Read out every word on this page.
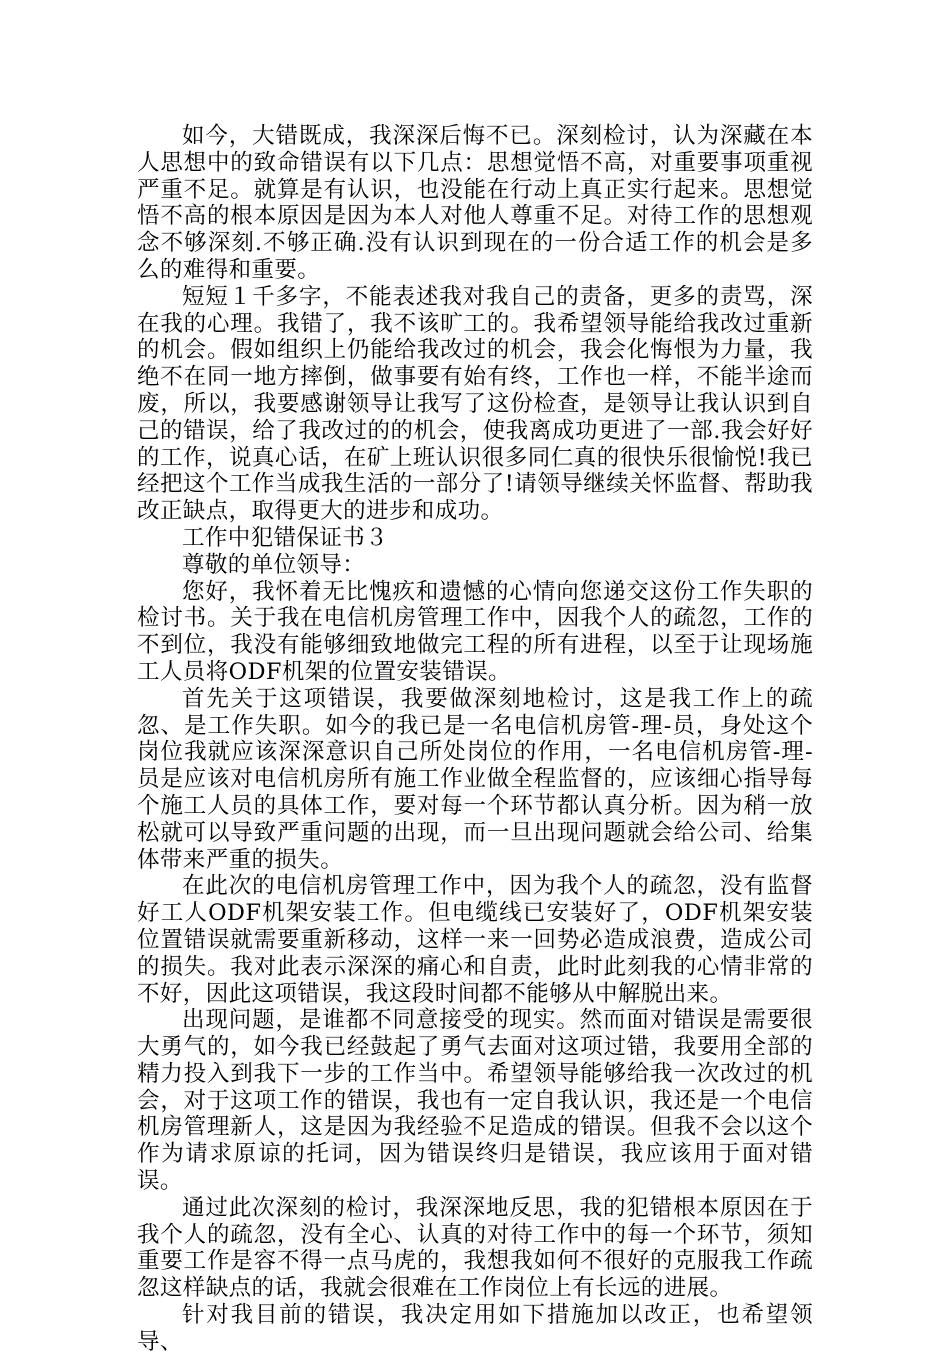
如今，大错既成，我深深后悔不已。深刻检讨，认为深藏在本人思想中的致命错误有以下几点：思想觉悟不高，对重要事项重视严重不足。就算是有认识，也没能在行动上真正实行起来。思想觉悟不高的根本原因是因为本人对他人尊重不足。对待工作的思想观念不够深刻.不够正确.没有认识到现在的一份合适工作的机会是多么的难得和重要。

短短１千多字，不能表述我对我自己的责备，更多的责骂，深在我的心理。我错了，我不该旷工的。我希望领导能给我改过重新的机会。假如组织上仍能给我改过的机会，我会化悔恨为力量，我绝不在同一地方摔倒，做事要有始有终，工作也一样，不能半途而废，所以，我要感谢领导让我写了这份检查，是领导让我认识到自己的错误，给了我改过的的机会，使我离成功更进了一部.我会好好的工作，说真心话，在矿上班认识很多同仁真的很快乐很愉悦!我已经把这个工作当成我生活的一部分了!请领导继续关怀监督、帮助我改正缺点，取得更大的进步和成功。

工作中犯错保证书３

尊敬的单位领导：

您好，我怀着无比愧疚和遗憾的心情向您递交这份工作失职的检讨书。关于我在电信机房管理工作中，因我个人的疏忽，工作的不到位，我没有能够细致地做完工程的所有进程，以至于让现场施工人员将ODF机架的位置安装错误。

首先关于这项错误，我要做深刻地检讨，这是我工作上的疏忽、是工作失职。如今的我已是一名电信机房管-理-员，身处这个岗位我就应该深深意识自己所处岗位的作用，一名电信机房管-理-员是应该对电信机房所有施工作业做全程监督的，应该细心指导每个施工人员的具体工作，要对每一个环节都认真分析。因为稍一放松就可以导致严重问题的出现，而一旦出现问题就会给公司、给集体带来严重的损失。

在此次的电信机房管理工作中，因为我个人的疏忽，没有监督好工人ODF机架安装工作。但电缆线已安装好了，ODF机架安装位置错误就需要重新移动，这样一来一回势必造成浪费，造成公司的损失。我对此表示深深的痛心和自责，此时此刻我的心情非常的不好，因此这项错误，我这段时间都不能够从中解脱出来。

出现问题，是谁都不同意接受的现实。然而面对错误是需要很大勇气的，如今我已经鼓起了勇气去面对这项过错，我要用全部的精力投入到我下一步的工作当中。希望领导能够给我一次改过的机会，对于这项工作的错误，我也有一定自我认识，我还是一个电信机房管理新人，这是因为我经验不足造成的错误。但我不会以这个作为请求原谅的托词，因为错误终归是错误，我应该用于面对错误。

通过此次深刻的检讨，我深深地反思，我的犯错根本原因在于我个人的疏忽，没有全心、认真的对待工作中的每一个环节，须知重要工作是容不得一点马虎的，我想我如何不很好的克服我工作疏忽这样缺点的话，我就会很难在工作岗位上有长远的进展。

针对我目前的错误，我决定用如下措施加以改正，也希望领导、
